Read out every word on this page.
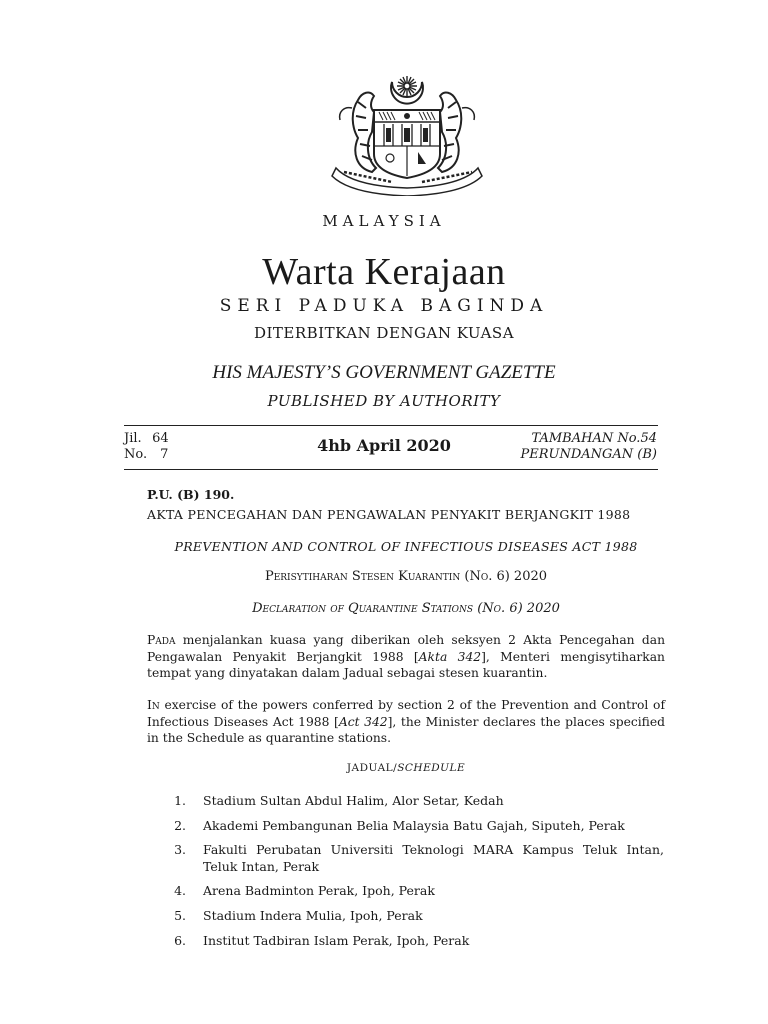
MALAYSIA
Warta Kerajaan
SERI PADUKA BAGINDA
DITERBITKAN DENGAN KUASA
HIS MAJESTY’S GOVERNMENT GAZETTE
PUBLISHED BY AUTHORITY
Jil. 64
No. 7	4hb April 2020	TAMBAHAN No.54
PERUNDANGAN (B)
P.U. (B) 190.
AKTA PENCEGAHAN DAN PENGAWALAN PENYAKIT BERJANGKIT 1988
PREVENTION AND CONTROL OF INFECTIOUS DISEASES ACT 1988
Perisytiharan Stesen Kuarantin (No. 6) 2020
Declaration of Quarantine Stations (No. 6) 2020
Pada menjalankan kuasa yang diberikan oleh seksyen 2 Akta Pencegahan dan Pengawalan Penyakit Berjangkit 1988 [Akta 342], Menteri mengisytiharkan tempat yang dinyatakan dalam Jadual sebagai stesen kuarantin.
In exercise of the powers conferred by section 2 of the Prevention and Control of Infectious Diseases Act 1988 [Act 342], the Minister declares the places specified in the Schedule as quarantine stations.
JADUAL/SCHEDULE
1. Stadium Sultan Abdul Halim, Alor Setar, Kedah
2. Akademi Pembangunan Belia Malaysia Batu Gajah, Siputeh, Perak
3. Fakulti Perubatan Universiti Teknologi MARA Kampus Teluk Intan, Teluk Intan, Perak
4. Arena Badminton Perak, Ipoh, Perak
5. Stadium Indera Mulia, Ipoh, Perak
6. Institut Tadbiran Islam Perak, Ipoh, Perak
